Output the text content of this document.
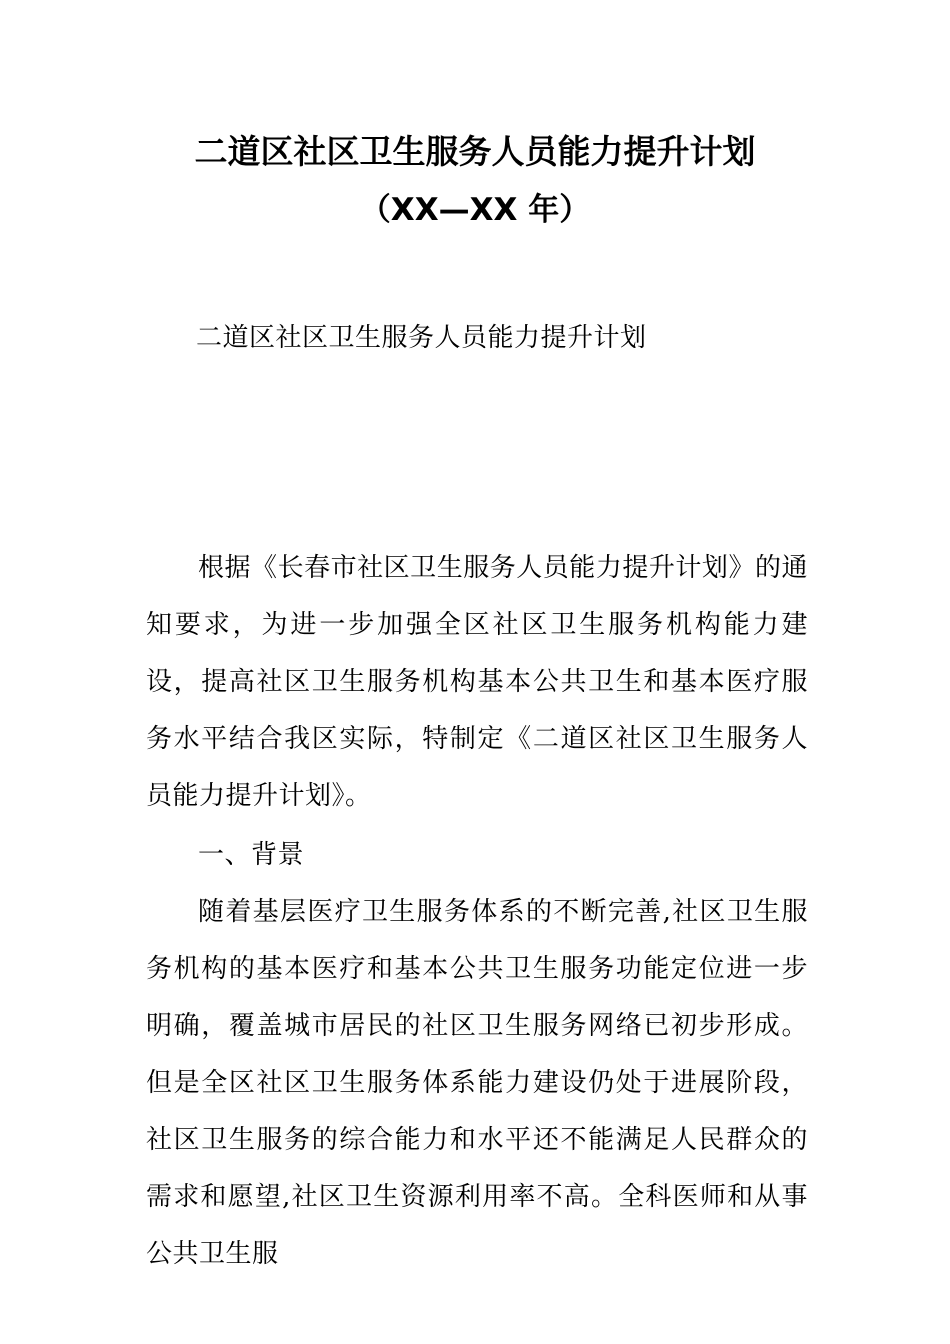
二道区社区卫生服务人员能力提升计划
（XX—XX 年）

二道区社区卫生服务人员能力提升计划

根据《长春市社区卫生服务人员能力提升计划》的通知要求，为进一步加强全区社区卫生服务机构能力建设，提高社区卫生服务机构基本公共卫生和基本医疗服务水平结合我区实际，特制定《二道区社区卫生服务人员能力提升计划》。

一、背景

随着基层医疗卫生服务体系的不断完善,社区卫生服务机构的基本医疗和基本公共卫生服务功能定位进一步明确，覆盖城市居民的社区卫生服务网络已初步形成。但是全区社区卫生服务体系能力建设仍处于进展阶段，社区卫生服务的综合能力和水平还不能满足人民群众的需求和愿望,社区卫生资源利用率不高。全科医师和从事公共卫生服
